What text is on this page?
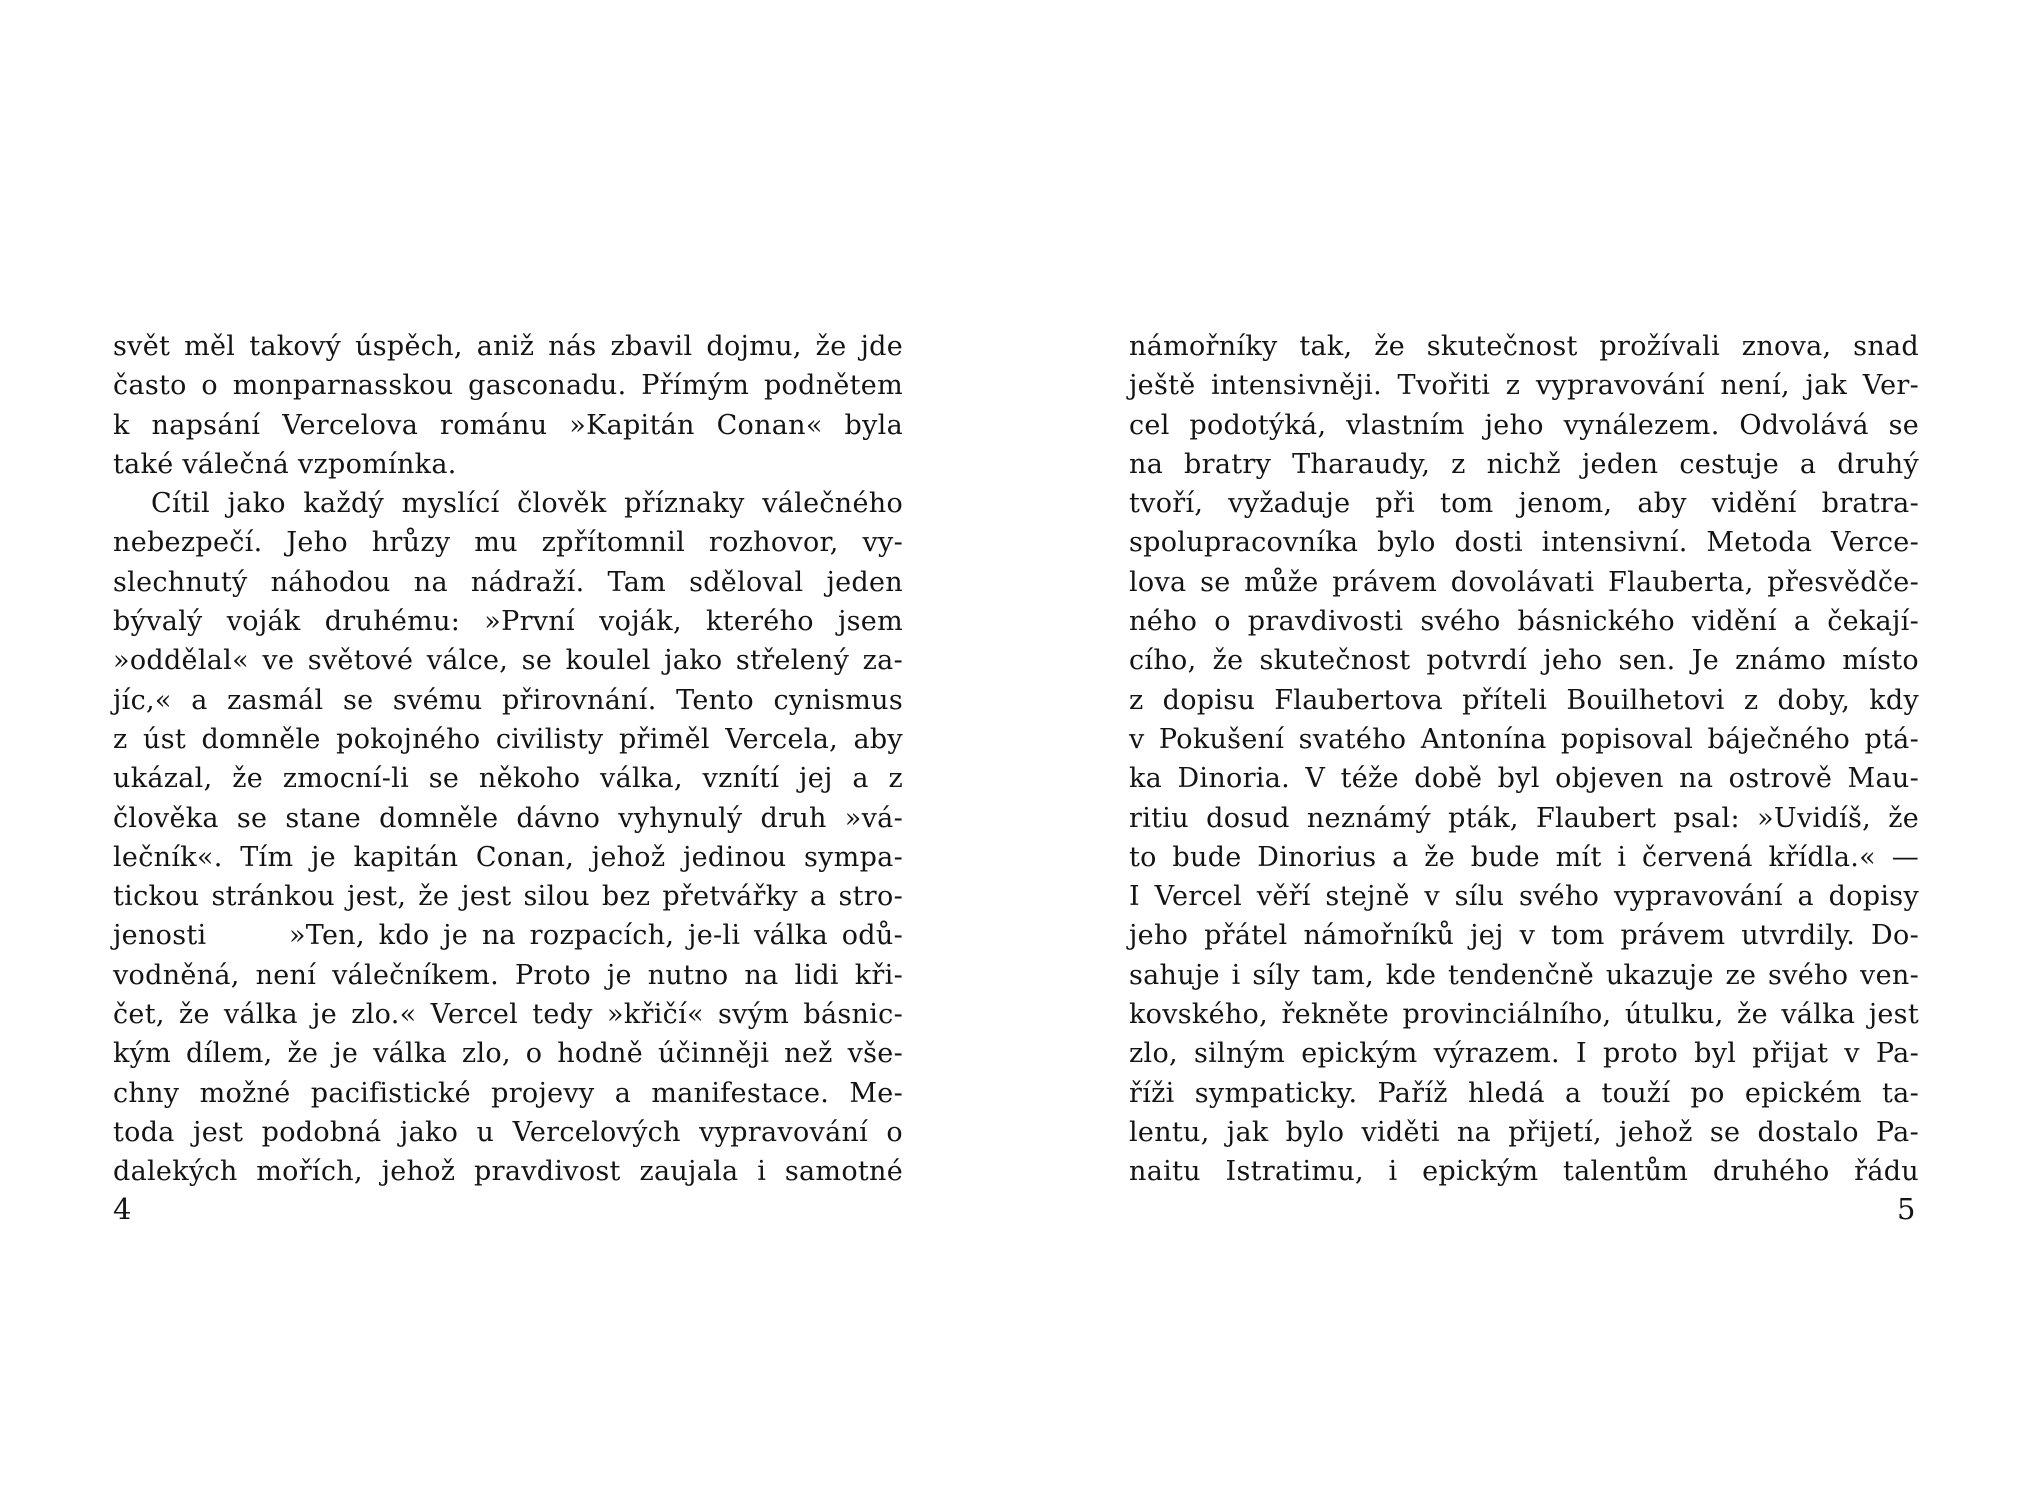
svět měl takový úspěch, aniž nás zbavil dojmu, že jde
často o monparnasskou gasconadu. Přímým podnětem
k napsání Vercelova románu »Kapitán Conan« byla
také válečná vzpomínka.
Cítil jako každý myslící člověk příznaky válečného
nebezpečí. Jeho hrůzy mu zpřítomnil rozhovor, vy-
slechnutý náhodou na nádraží. Tam sděloval jeden
bývalý voják druhému: »První voják, kterého jsem
»oddělal« ve světové válce, se koulel jako střelený za-
jíc,« a zasmál se svému přirovnání. Tento cynismus
z úst domněle pokojného civilisty přiměl Vercela, aby
ukázal, že zmocní-li se někoho válka, vznítí jej a z
člověka se stane domněle dávno vyhynulý druh »vá-
lečník«. Tím je kapitán Conan, jehož jedinou sympa-
tickou stránkou jest, že jest silou bez přetvářky a stro-
jenosti      »Ten, kdo je na rozpacích, je-li válka odů-
vodněná, není válečníkem. Proto je nutno na lidi kři-
čet, že válka je zlo.« Vercel tedy »křičí« svým básnic-
kým dílem, že je válka zlo, o hodně účinněji než vše-
chny možné pacifistické projevy a manifestace. Me-
toda jest podobná jako u Vercelových vypravování o
dalekých mořích, jehož pravdivost zaujala i samotné
4
námořníky tak, že skutečnost prožívali znova, snad
ještě intensivněji. Tvořiti z vypravování není, jak Ver-
cel podotýká, vlastním jeho vynálezem. Odvolává se
na bratry Tharaudy, z nichž jeden cestuje a druhý
tvoří, vyžaduje při tom jenom, aby vidění bratra-
spolupracovníka bylo dosti intensivní. Metoda Verce-
lova se může právem dovolávati Flauberta, přesvědče-
ného o pravdivosti svého básnického vidění a čekají-
cího, že skutečnost potvrdí jeho sen. Je známo místo
z dopisu Flaubertova příteli Bouilhetovi z doby, kdy
v Pokušení svatého Antonína popisoval báječného ptá-
ka Dinoria. V téže době byl objeven na ostrově Mau-
ritiu dosud neznámý pták, Flaubert psal: »Uvidíš, že
to bude Dinorius a že bude mít i červená křídla.« —
I Vercel věří stejně v sílu svého vypravování a dopisy
jeho přátel námořníků jej v tom právem utvrdily. Do-
sahuje i síly tam, kde tendenčně ukazuje ze svého ven-
kovského, řekněte provinciálního, útulku, že válka jest
zlo, silným epickým výrazem. I proto byl přijat v Pa-
říži sympaticky. Paříž hledá a touží po epickém ta-
lentu, jak bylo viděti na přijetí, jehož se dostalo Pa-
naitu Istratimu, i epickým talentům druhého řádu
5
